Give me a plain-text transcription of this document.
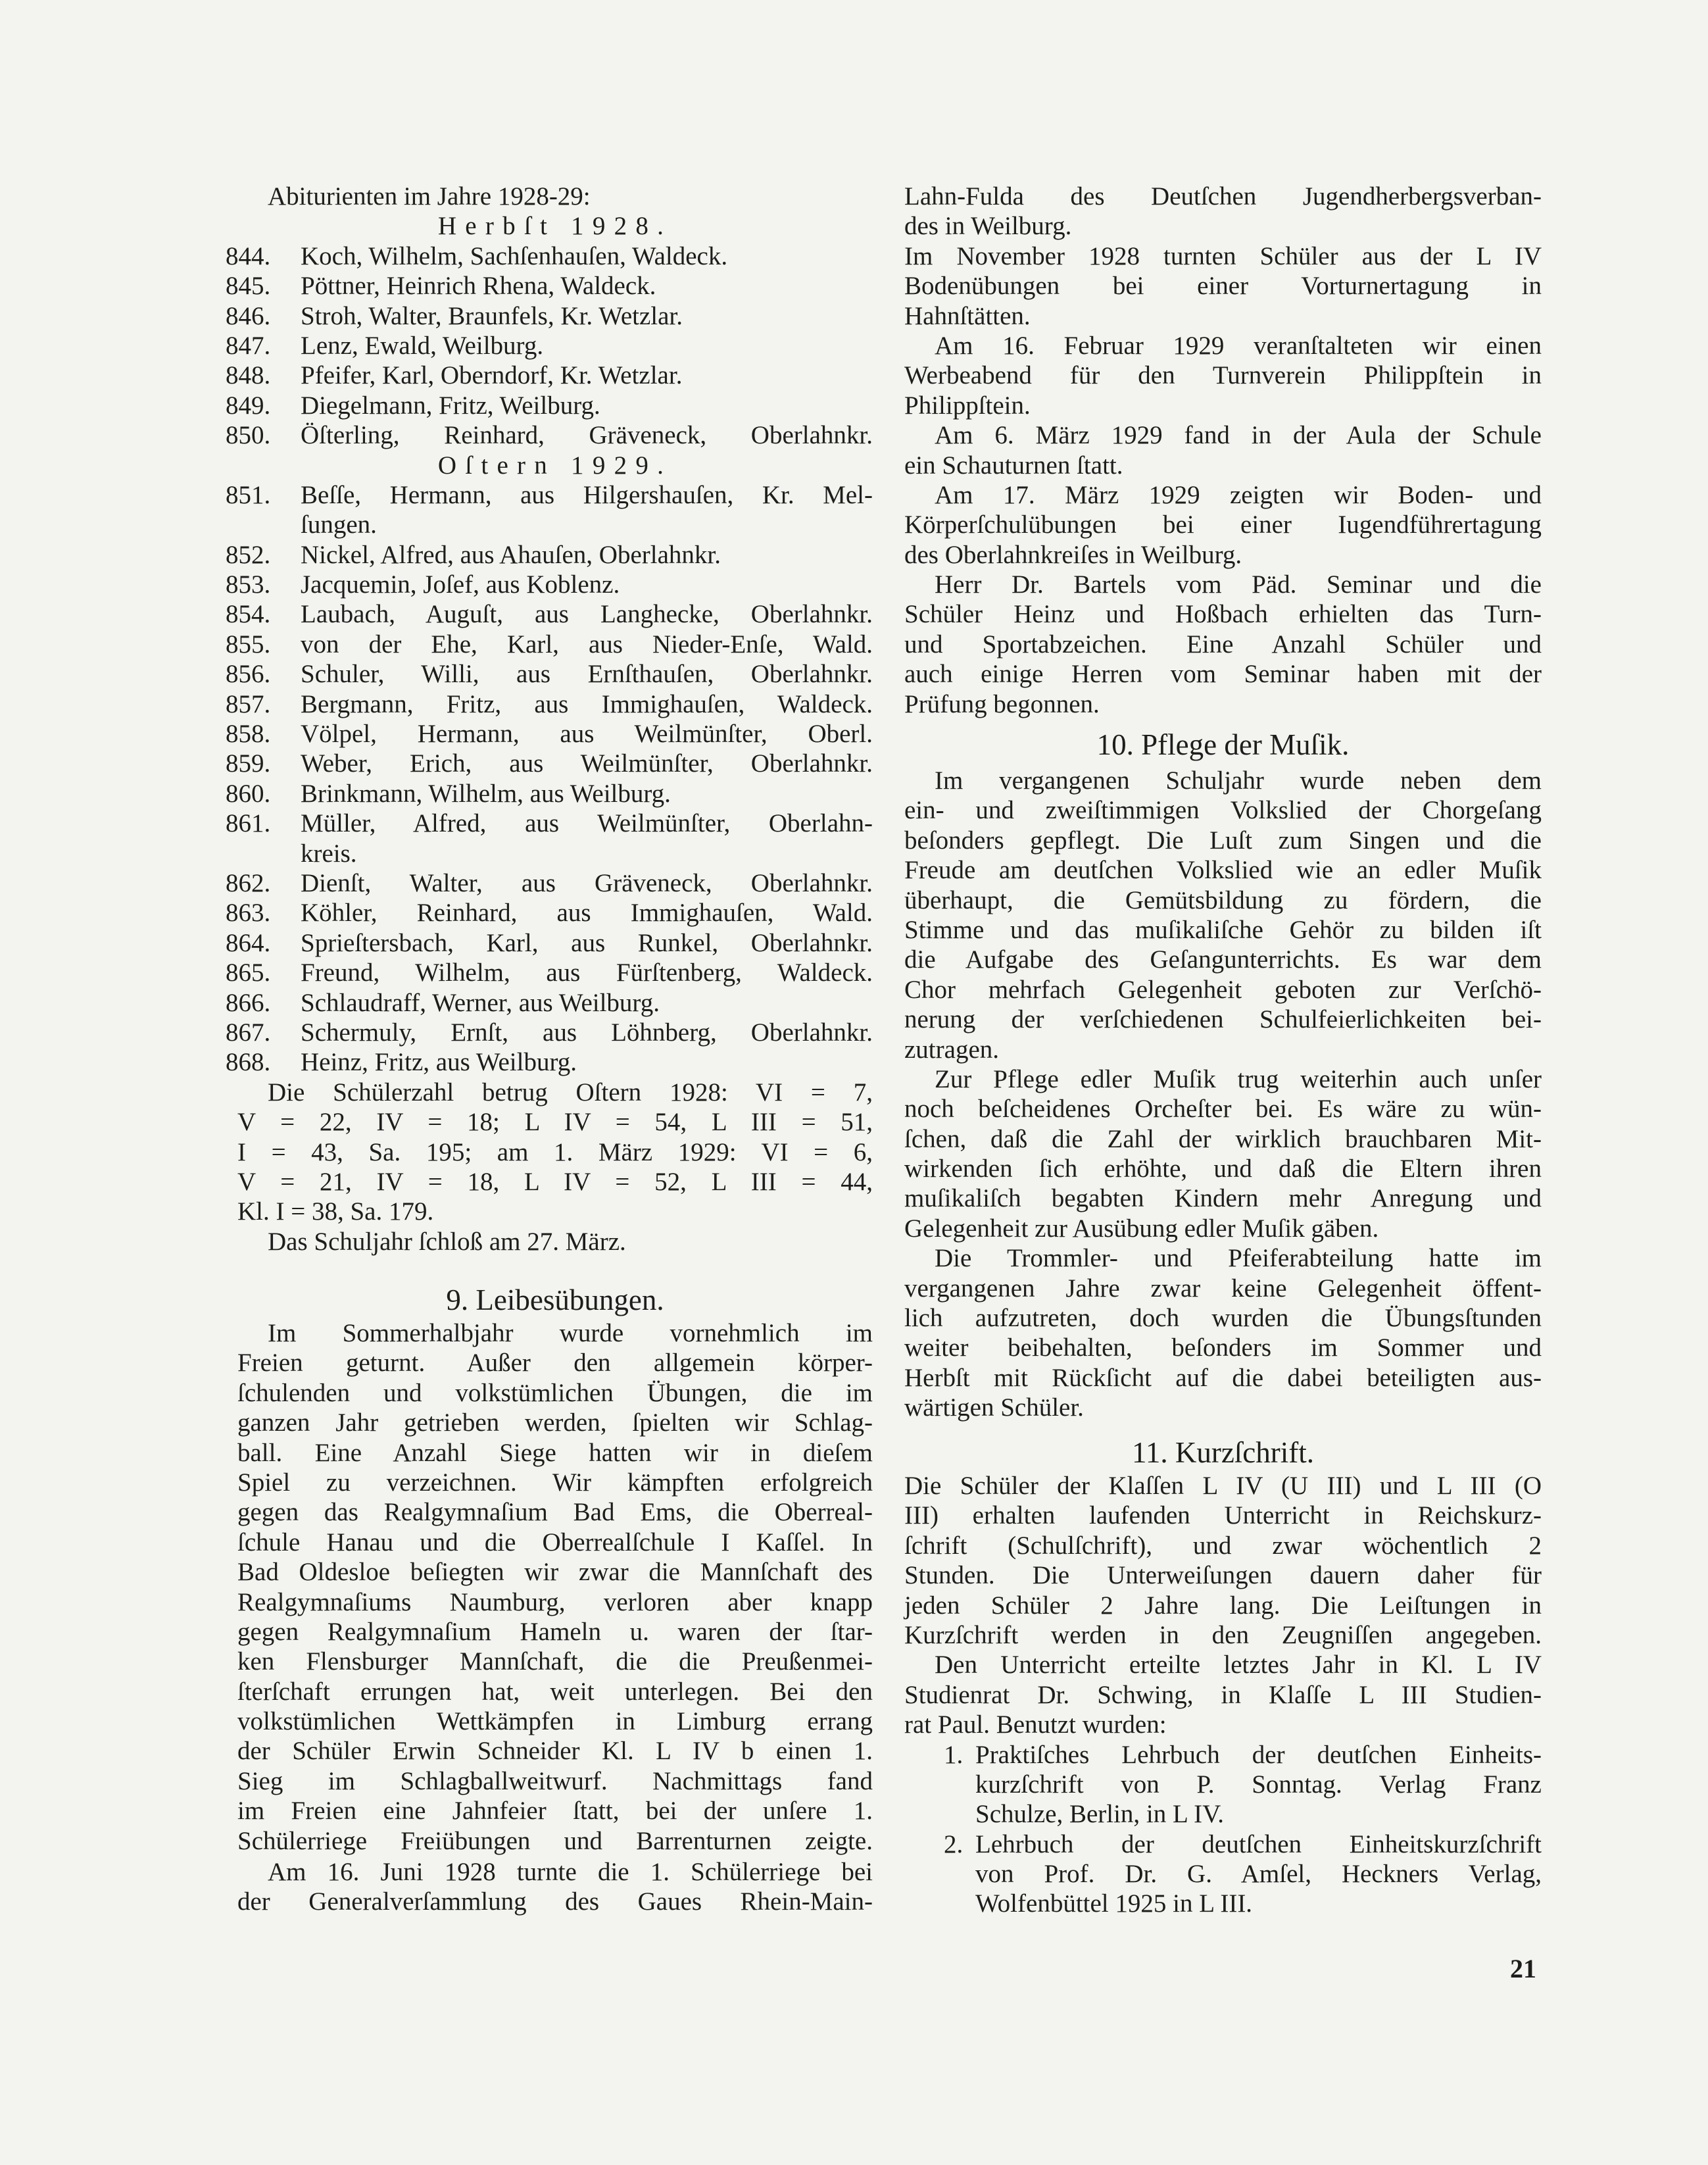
Abiturienten im Jahre 1928-29:
Herbſt 1928.
844. Koch, Wilhelm, Sachſenhauſen, Waldeck.
845. Pöttner, Heinrich Rhena, Waldeck.
846. Stroh, Walter, Braunfels, Kr. Wetzlar.
847. Lenz, Ewald, Weilburg.
848. Pfeifer, Karl, Oberndorf, Kr. Wetzlar.
849. Diegelmann, Fritz, Weilburg.
850. Öſterling, Reinhard, Gräveneck, Oberlahnkr.
Oſtern 1929.
851. Beſſe, Hermann, aus Hilgershauſen, Kr. Mel-
ſungen.
852. Nickel, Alfred, aus Ahauſen, Oberlahnkr.
853. Jacquemin, Joſef, aus Koblenz.
854. Laubach, Auguſt, aus Langhecke, Oberlahnkr.
855. von der Ehe, Karl, aus Nieder-Enſe, Wald.
856. Schuler, Willi, aus Ernſthauſen, Oberlahnkr.
857. Bergmann, Fritz, aus Immighauſen, Waldeck.
858. Völpel, Hermann, aus Weilmünſter, Oberl.
859. Weber, Erich, aus Weilmünſter, Oberlahnkr.
860. Brinkmann, Wilhelm, aus Weilburg.
861. Müller, Alfred, aus Weilmünſter, Oberlahn-
kreis.
862. Dienſt, Walter, aus Gräveneck, Oberlahnkr.
863. Köhler, Reinhard, aus Immighauſen, Wald.
864. Sprieſtersbach, Karl, aus Runkel, Oberlahnkr.
865. Freund, Wilhelm, aus Fürſtenberg, Waldeck.
866. Schlaudraff, Werner, aus Weilburg.
867. Schermuly, Ernſt, aus Löhnberg, Oberlahnkr.
868. Heinz, Fritz, aus Weilburg.
Die Schülerzahl betrug Oſtern 1928: VI = 7,
V = 22, IV = 18; L IV = 54, L III = 51,
I = 43, Sa. 195; am 1. März 1929: VI = 6,
V = 21, IV = 18, L IV = 52, L III = 44,
Kl. I = 38, Sa. 179.
Das Schuljahr ſchloß am 27. März.
9. Leibesübungen.
Im Sommerhalbjahr wurde vornehmlich im
Freien geturnt. Außer den allgemein körper-
ſchulenden und volkstümlichen Übungen, die im
ganzen Jahr getrieben werden, ſpielten wir Schlag-
ball. Eine Anzahl Siege hatten wir in dieſem
Spiel zu verzeichnen. Wir kämpften erfolgreich
gegen das Realgymnaſium Bad Ems, die Oberreal-
ſchule Hanau und die Oberrealſchule I Kaſſel. In
Bad Oldesloe beſiegten wir zwar die Mannſchaft des
Realgymnaſiums Naumburg, verloren aber knapp
gegen Realgymnaſium Hameln u. waren der ſtar-
ken Flensburger Mannſchaft, die die Preußenmei-
ſterſchaft errungen hat, weit unterlegen. Bei den
volkstümlichen Wettkämpfen in Limburg errang
der Schüler Erwin Schneider Kl. L IV b einen 1.
Sieg im Schlagballweitwurf. Nachmittags fand
im Freien eine Jahnfeier ſtatt, bei der unſere 1.
Schülerriege Freiübungen und Barrenturnen zeigte.
Am 16. Juni 1928 turnte die 1. Schülerriege bei
der Generalverſammlung des Gaues Rhein-Main-
Lahn-Fulda des Deutſchen Jugendherbergsverban-
des in Weilburg.
Im November 1928 turnten Schüler aus der L IV
Bodenübungen bei einer Vorturnertagung in
Hahnſtätten.
Am 16. Februar 1929 veranſtalteten wir einen
Werbeabend für den Turnverein Philippſtein in
Philippſtein.
Am 6. März 1929 fand in der Aula der Schule
ein Schauturnen ſtatt.
Am 17. März 1929 zeigten wir Boden- und
Körperſchulübungen bei einer Iugendführertagung
des Oberlahnkreiſes in Weilburg.
Herr Dr. Bartels vom Päd. Seminar und die
Schüler Heinz und Hoßbach erhielten das Turn-
und Sportabzeichen. Eine Anzahl Schüler und
auch einige Herren vom Seminar haben mit der
Prüfung begonnen.
10. Pflege der Muſik.
Im vergangenen Schuljahr wurde neben dem
ein- und zweiſtimmigen Volkslied der Chorgeſang
beſonders gepflegt. Die Luſt zum Singen und die
Freude am deutſchen Volkslied wie an edler Muſik
überhaupt, die Gemütsbildung zu fördern, die
Stimme und das muſikaliſche Gehör zu bilden iſt
die Aufgabe des Geſangunterrichts. Es war dem
Chor mehrfach Gelegenheit geboten zur Verſchö-
nerung der verſchiedenen Schulfeierlichkeiten bei-
zutragen.
Zur Pflege edler Muſik trug weiterhin auch unſer
noch beſcheidenes Orcheſter bei. Es wäre zu wün-
ſchen, daß die Zahl der wirklich brauchbaren Mit-
wirkenden ſich erhöhte, und daß die Eltern ihren
muſikaliſch begabten Kindern mehr Anregung und
Gelegenheit zur Ausübung edler Muſik gäben.
Die Trommler- und Pfeiferabteilung hatte im
vergangenen Jahre zwar keine Gelegenheit öffent-
lich aufzutreten, doch wurden die Übungsſtunden
weiter beibehalten, beſonders im Sommer und
Herbſt mit Rückſicht auf die dabei beteiligten aus-
wärtigen Schüler.
11. Kurzſchrift.
Die Schüler der Klaſſen L IV (U III) und L III (O
III) erhalten laufenden Unterricht in Reichskurz-
ſchrift (Schulſchrift), und zwar wöchentlich 2
Stunden. Die Unterweiſungen dauern daher für
jeden Schüler 2 Jahre lang. Die Leiſtungen in
Kurzſchrift werden in den Zeugniſſen angegeben.
Den Unterricht erteilte letztes Jahr in Kl. L IV
Studienrat Dr. Schwing, in Klaſſe L III Studien-
rat Paul. Benutzt wurden:
1. Praktiſches Lehrbuch der deutſchen Einheits-
kurzſchrift von P. Sonntag. Verlag Franz
Schulze, Berlin, in L IV.
2. Lehrbuch der deutſchen Einheitskurzſchrift
von Prof. Dr. G. Amſel, Heckners Verlag,
Wolfenbüttel 1925 in L III.
21
